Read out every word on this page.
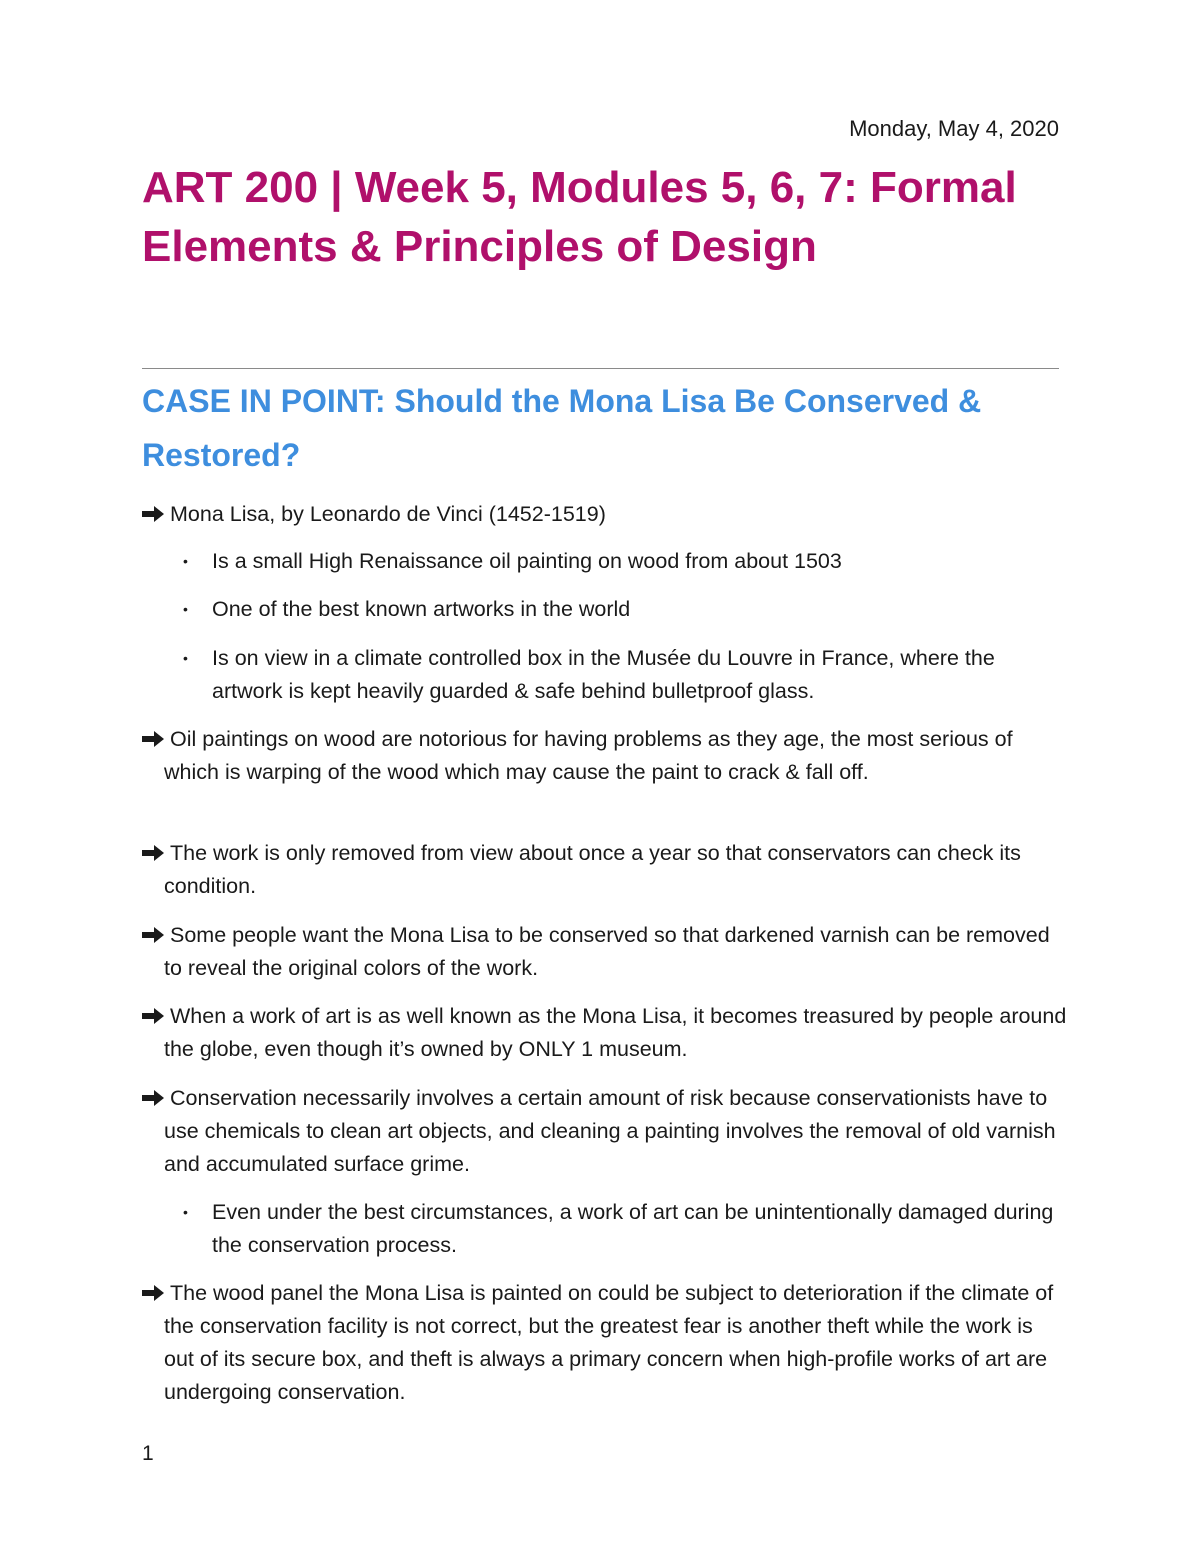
Monday, May 4, 2020
ART 200 | Week 5, Modules 5, 6, 7: Formal Elements & Principles of Design
CASE IN POINT: Should the Mona Lisa Be Conserved & Restored?
Mona Lisa, by Leonardo de Vinci (1452-1519)
•	Is a small High Renaissance oil painting on wood from about 1503
•	One of the best known artworks in the world
•	Is on view in a climate controlled box in the Musée du Louvre in France, where the artwork is kept heavily guarded & safe behind bulletproof glass.
Oil paintings on wood are notorious for having problems as they age, the most serious of which is warping of the wood which may cause the paint to crack & fall off.
The work is only removed from view about once a year so that conservators can check its condition.
Some people want the Mona Lisa to be conserved so that darkened varnish can be removed to reveal the original colors of the work.
When a work of art is as well known as the Mona Lisa, it becomes treasured by people around the globe, even though it’s owned by ONLY 1 museum.
Conservation necessarily involves a certain amount of risk because conservationists have to use chemicals to clean art objects, and cleaning a painting involves the removal of old varnish and accumulated surface grime.
•	Even under the best circumstances, a work of art can be unintentionally damaged during the conservation process.
The wood panel the Mona Lisa is painted on could be subject to deterioration if the climate of the conservation facility is not correct, but the greatest fear is another theft while the work is out of its secure box, and theft is always a primary concern when high-profile works of art are undergoing conservation.
1
